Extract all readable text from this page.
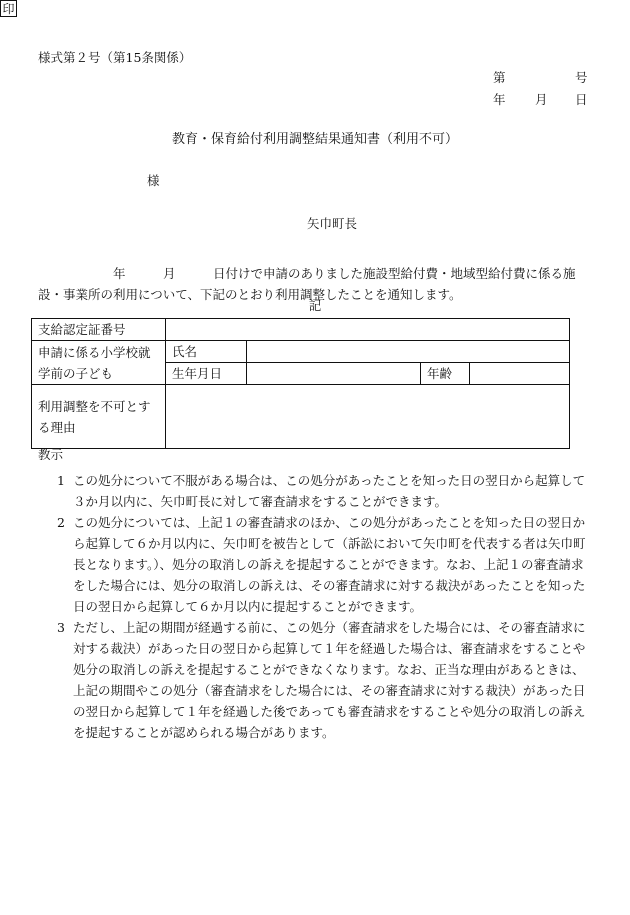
様式第２号（第15条関係）
第	号
年 月 日
教育・保育給付利用調整結果通知書（利用不可）
様
矢巾町長
印
　　　　　　年　　　月　　　日付けで申請のありました施設型給付費・地域型給付費に係る施設・事業所の利用について、下記のとおり利用調整したことを通知します。
記
支給認定証番号				
申請に係る小学校就学前の子ども	氏名			
	生年月日		年齢	
利用調整を不可とする理由				
教示
1 この処分について不服がある場合は、この処分があったことを知った日の翌日から起算して３か月以内に、矢巾町長に対して審査請求をすることができます。
2 この処分については、上記１の審査請求のほか、この処分があったことを知った日の翌日から起算して６か月以内に、矢巾町を被告として（訴訟において矢巾町を代表する者は矢巾町長となります。）、処分の取消しの訴えを提起することができます。なお、上記１の審査請求をした場合には、処分の取消しの訴えは、その審査請求に対する裁決があったことを知った日の翌日から起算して６か月以内に提起することができます。
3 ただし、上記の期間が経過する前に、この処分（審査請求をした場合には、その審査請求に対する裁決）があった日の翌日から起算して１年を経過した場合は、審査請求をすることや処分の取消しの訴えを提起することができなくなります。なお、正当な理由があるときは、上記の期間やこの処分（審査請求をした場合には、その審査請求に対する裁決）があった日の翌日から起算して１年を経過した後であっても審査請求をすることや処分の取消しの訴えを提起することが認められる場合があります。
